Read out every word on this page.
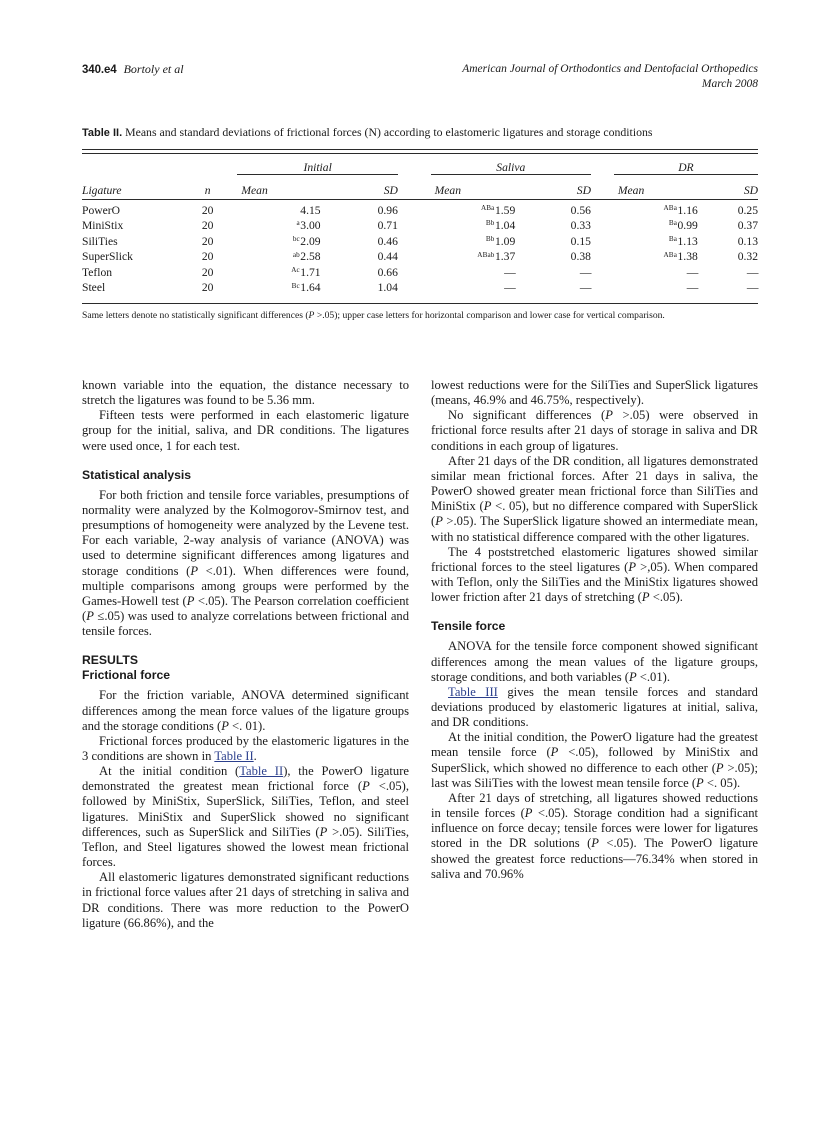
340.e4 Bortoly et al	American Journal of Orthodontics and Dentofacial Orthopedics
March 2008
Table II. Means and standard deviations of frictional forces (N) according to elastomeric ligatures and storage conditions

		Initial			Saliva			DR	
Ligature	n	Mean	SD		Mean	SD		Mean	SD

PowerO	20	4.15	0.96		$^{ABa}$1.59	0.56		$^{ABa}$1.16	0.25
MiniStix	20	$^a$3.00	0.71		$^{Bb}$1.04	0.33		$^{Ba}$0.99	0.37
SiliTies	20	$^{bc}$2.09	0.46		$^{Bb}$1.09	0.15		$^{Ba}$1.13	0.13
SuperSlick	20	$^{ab}$2.58	0.44		$^{ABab}$1.37	0.38		$^{ABa}$1.38	0.32
Teflon	20	$^{Ac}$1.71	0.66		—	—		—	—
Steel	20	$^{Bc}$1.64	1.04		—	—		—	—

Same letters denote no statistically significant differences (P >.05); upper case letters for horizontal comparison and lower case for vertical comparison.

known variable into the equation, the distance necessary to stretch the ligatures was found to be 5.36 mm.

Fifteen tests were performed in each elastomeric ligature group for the initial, saliva, and DR conditions. The ligatures were used once, 1 for each test.

Statistical analysis

For both friction and tensile force variables, presumptions of normality were analyzed by the Kolmogorov-Smirnov test, and presumptions of homogeneity were analyzed by the Levene test. For each variable, 2-way analysis of variance (ANOVA) was used to determine significant differences among ligatures and storage conditions (P <.01). When differences were found, multiple comparisons among groups were performed by the Games-Howell test (P <.05). The Pearson correlation coefficient (P ≤.05) was used to analyze correlations between frictional and tensile forces.

RESULTS
Frictional force

For the friction variable, ANOVA determined significant differences among the mean force values of the ligature groups and the storage conditions (P <. 01).

Frictional forces produced by the elastomeric ligatures in the 3 conditions are shown in Table II.

At the initial condition (Table II), the PowerO ligature demonstrated the greatest mean frictional force (P <.05), followed by MiniStix, SuperSlick, SiliTies, Teflon, and steel ligatures. MiniStix and SuperSlick showed no significant differences, such as SuperSlick and SiliTies (P >.05). SiliTies, Teflon, and Steel ligatures showed the lowest mean frictional forces.

All elastomeric ligatures demonstrated significant reductions in frictional force values after 21 days of stretching in saliva and DR conditions. There was more reduction to the PowerO ligature (66.86%), and the

lowest reductions were for the SiliTies and SuperSlick ligatures (means, 46.9% and 46.75%, respectively).

No significant differences (P >.05) were observed in frictional force results after 21 days of storage in saliva and DR conditions in each group of ligatures.

After 21 days of the DR condition, all ligatures demonstrated similar mean frictional forces. After 21 days in saliva, the PowerO showed greater mean frictional force than SiliTies and MiniStix (P <. 05), but no difference compared with SuperSlick (P >.05). The SuperSlick ligature showed an intermediate mean, with no statistical difference compared with the other ligatures.

The 4 poststretched elastomeric ligatures showed similar frictional forces to the steel ligatures (P >,05). When compared with Teflon, only the SiliTies and the MiniStix ligatures showed lower friction after 21 days of stretching (P <.05).

Tensile force

ANOVA for the tensile force component showed significant differences among the mean values of the ligature groups, storage conditions, and both variables (P <.01).

Table III gives the mean tensile forces and standard deviations produced by elastomeric ligatures at initial, saliva, and DR conditions.

At the initial condition, the PowerO ligature had the greatest mean tensile force (P <.05), followed by MiniStix and SuperSlick, which showed no difference to each other (P >.05); last was SiliTies with the lowest mean tensile force (P <. 05).

After 21 days of stretching, all ligatures showed reductions in tensile forces (P <.05). Storage condition had a significant influence on force decay; tensile forces were lower for ligatures stored in the DR solutions (P <.05). The PowerO ligature showed the greatest force reductions—76.34% when stored in saliva and 70.96%
